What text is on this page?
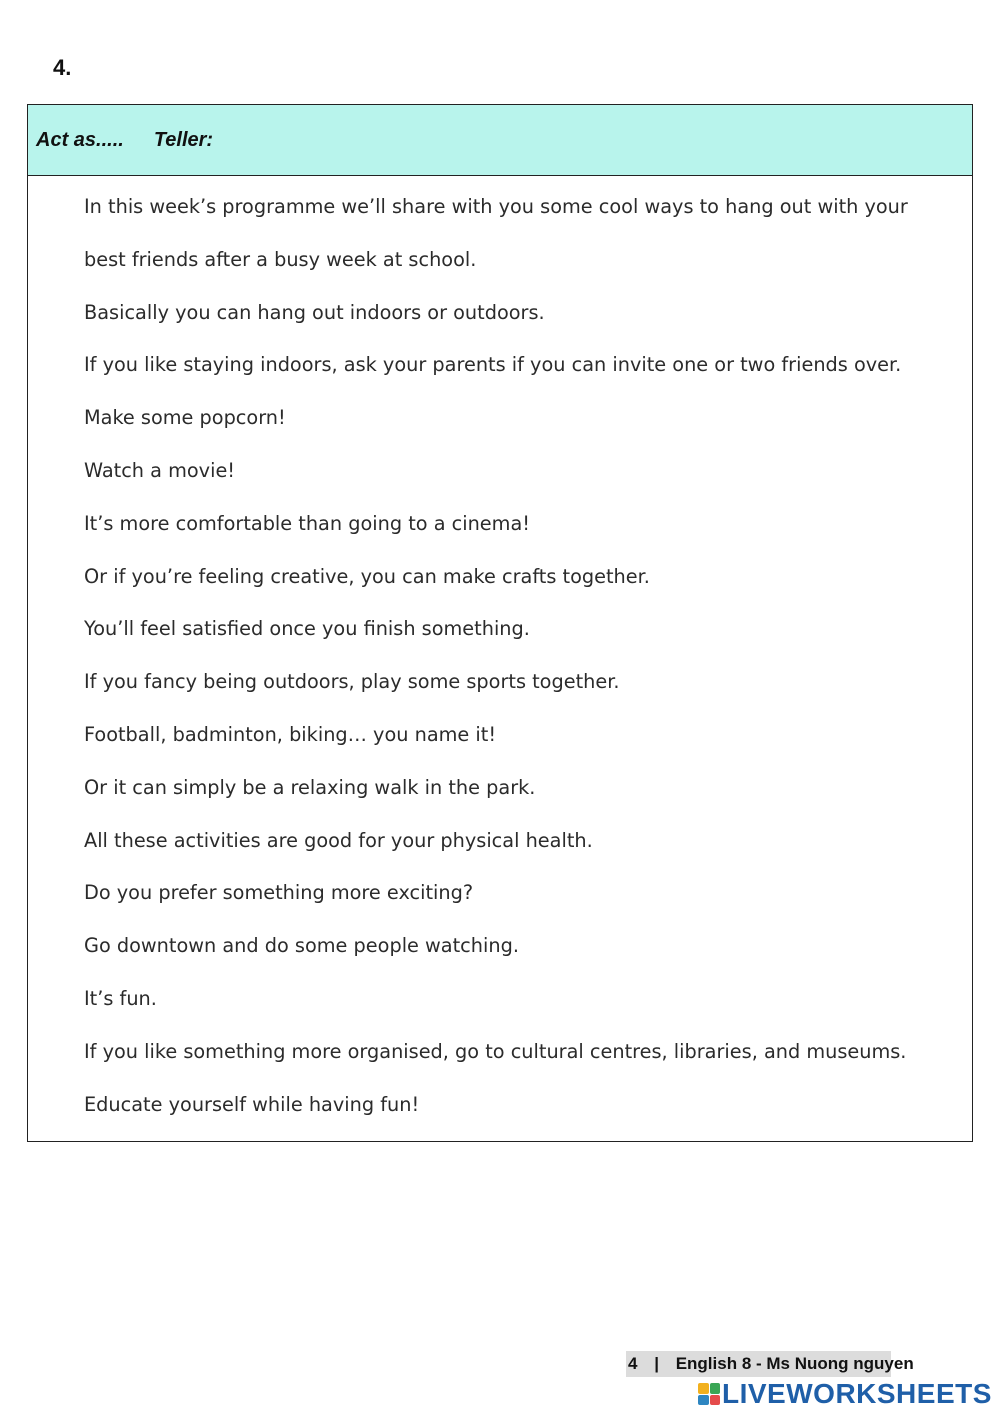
4.
Act as..... Teller:
In this week’s programme we’ll share with you some cool ways to hang out with your
best friends after a busy week at school.
Basically you can hang out indoors or outdoors.
If you like staying indoors, ask your parents if you can invite one or two friends over.
Make some popcorn!
Watch a movie!
It’s more comfortable than going to a cinema!
Or if you’re feeling creative, you can make crafts together.
You’ll feel satisfied once you finish something.
If you fancy being outdoors, play some sports together.
Football, badminton, biking… you name it!
Or it can simply be a relaxing walk in the park.
All these activities are good for your physical health.
Do you prefer something more exciting?
Go downtown and do some people watching.
It’s fun.
If you like something more organised, go to cultural centres, libraries, and museums.
Educate yourself while having fun!
4 | English 8 - Ms Nuong nguyen
LIVEWORKSHEETS
